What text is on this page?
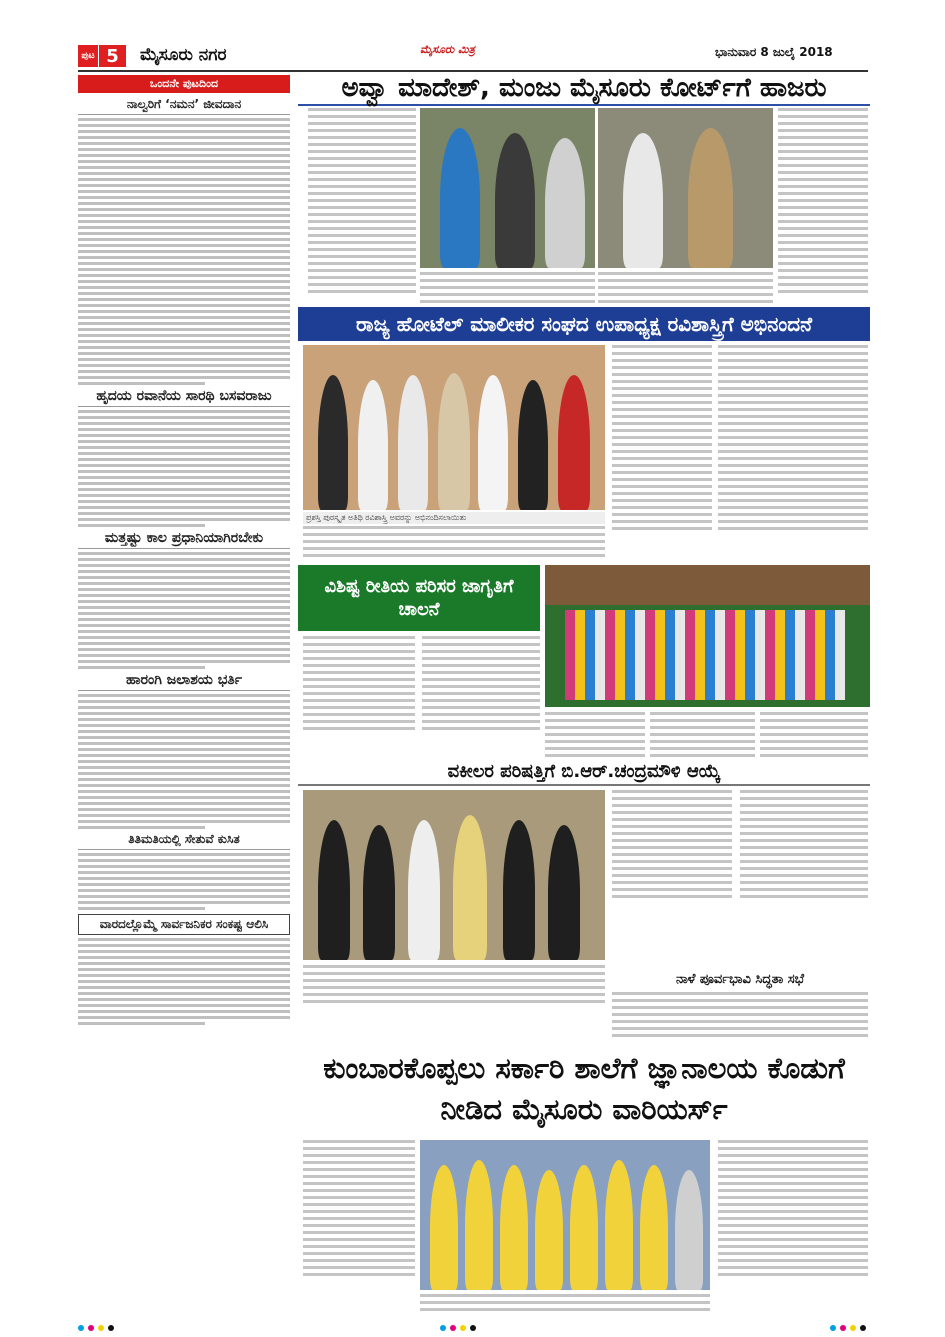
ಪುಟ 5	ಮೈಸೂರು ನಗರ	ಮೈಸೂರು ಮಿತ್ರ	ಭಾನುವಾರ 8 ಜುಲೈ 2018
ಒಂದನೇ ಪುಟದಿಂದ
ನಾಲ್ವರಿಗೆ ‘ನಮನ’ ಜೀವದಾನ
ಹೃದಯ ರವಾನೆಯ ಸಾರಥಿ ಬಸವರಾಜು
ಮತ್ತಷ್ಟು ಕಾಲ ಪ್ರಧಾನಿಯಾಗಿರಬೇಕು
ಹಾರಂಗಿ ಜಲಾಶಯ ಭರ್ತಿ
ತಿತಿಮತಿಯಲ್ಲಿ ಸೇತುವೆ ಕುಸಿತ
ವಾರದಲ್ಲೊಮ್ಮೆ ಸಾರ್ವಜನಿಕರ ಸಂಕಷ್ಟ ಆಲಿಸಿ
ಅವ್ವಾ ಮಾದೇಶ್, ಮಂಜು ಮೈಸೂರು ಕೋರ್ಟ್‌ಗೆ ಹಾಜರು
ರಾಜ್ಯ ಹೋಟೆಲ್ ಮಾಲೀಕರ ಸಂಘದ ಉಪಾಧ್ಯಕ್ಷ ರವಿಶಾಸ್ತ್ರಿಗೆ ಅಭಿನಂದನೆ
ಪ್ರಶಸ್ತಿ ಪುರಸ್ಕೃತ ಅತಿಥಿ ರವಿಶಾಸ್ತ್ರಿ ಅವರನ್ನು ಅಭಿನಂದಿಸಲಾಯಿತು
ವಿಶಿಷ್ಟ ರೀತಿಯ ಪರಿಸರ ಜಾಗೃತಿಗೆ ಚಾಲನೆ
ವಕೀಲರ ಪರಿಷತ್ತಿಗೆ ಬಿ.ಆರ್.ಚಂದ್ರಮೌಳಿ ಆಯ್ಕೆ
ನಾಳೆ ಪೂರ್ವಭಾವಿ ಸಿದ್ಧತಾ ಸಭೆ
ಕುಂಬಾರಕೊಪ್ಪಲು ಸರ್ಕಾರಿ ಶಾಲೆಗೆ ಜ್ಞಾನಾಲಯ ಕೊಡುಗೆ ನೀಡಿದ ಮೈಸೂರು ವಾರಿಯರ್ಸ್
